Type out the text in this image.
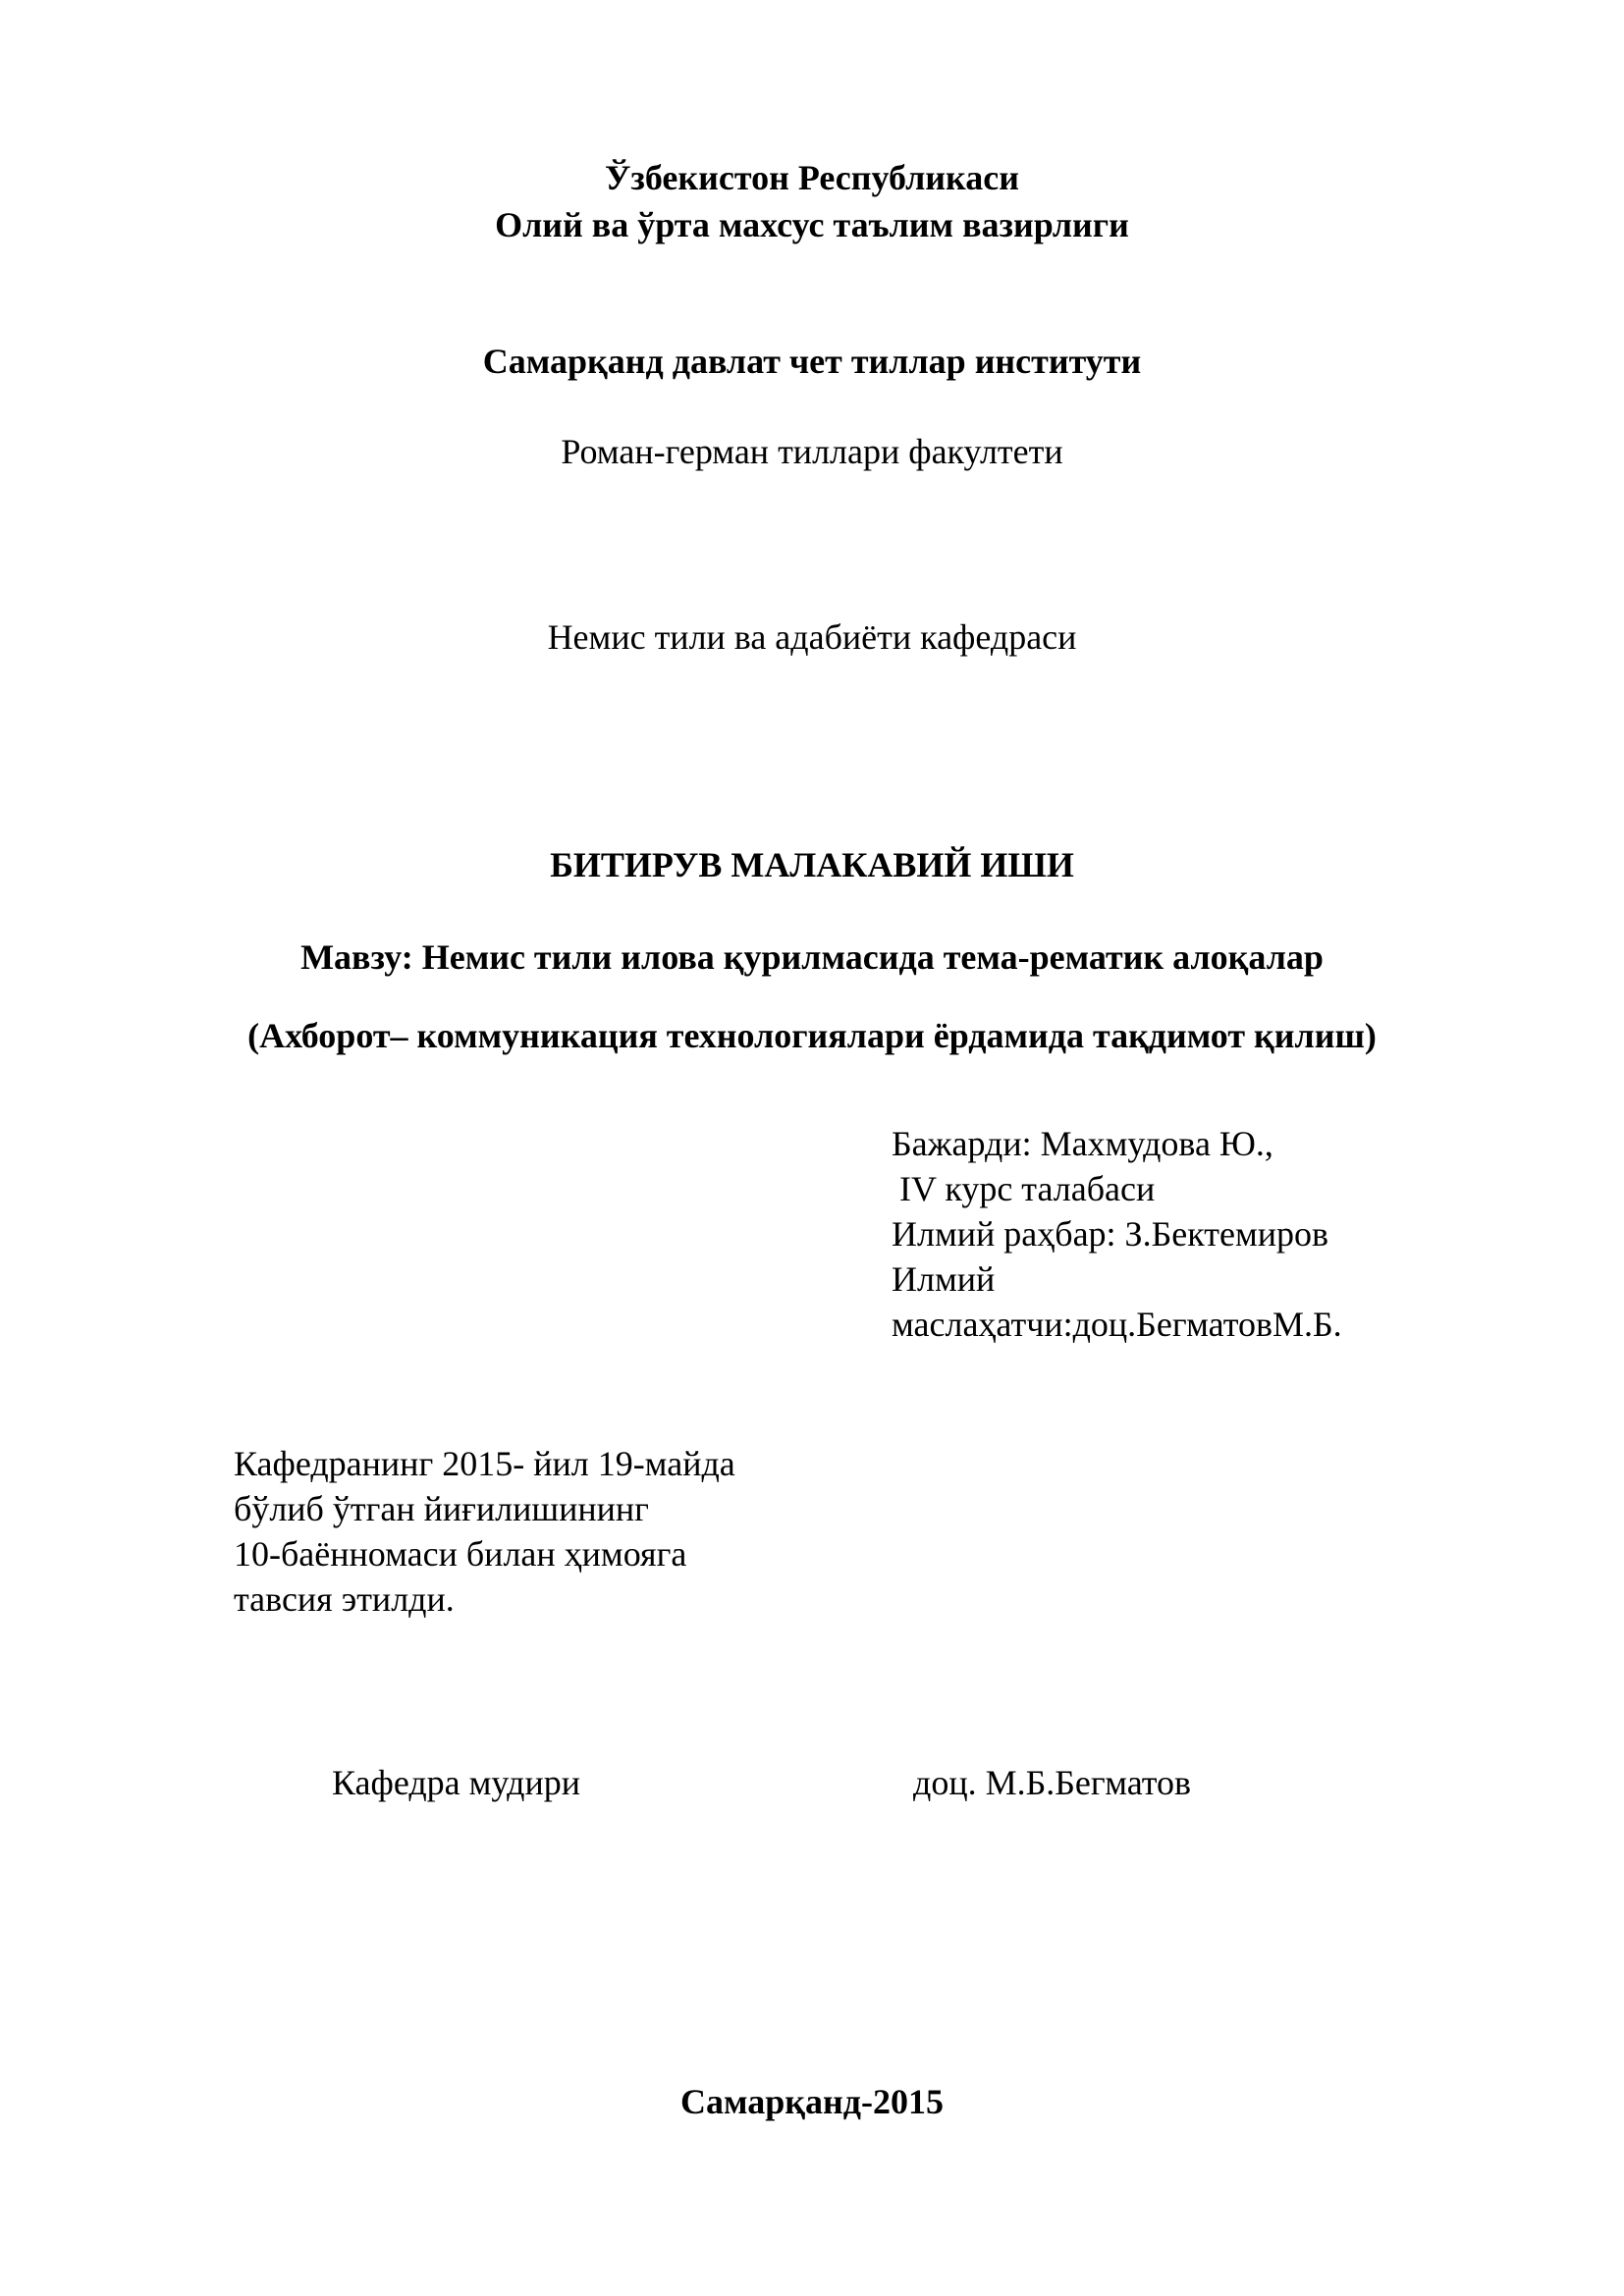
Ўзбекистон Республикаси
Олий ва ўрта махсус таълим вазирлиги
Самарқанд давлат чет тиллар институти
Роман-герман тиллари факултети
Немис тили ва адабиёти кафедраси
БИТИРУВ МАЛАКАВИЙ ИШИ
Мавзу: Немис тили илова қурилмасида тема-рематик алоқалар
(Ахборот– коммуникация технологиялари ёрдамида тақдимот қилиш)
Бажарди: Махмудова Ю.,
IV курс талабаси
Илмий раҳбар: З.Бектемиров
Илмий
маслаҳатчи:доц.БегматовМ.Б.
Кафедранинг 2015- йил 19-майда
бўлиб ўтган йиғилишининг
10-баённомаси билан ҳимояга
тавсия этилди.
Кафедра мудири	доц. М.Б.Бегматов
Самарқанд-2015
